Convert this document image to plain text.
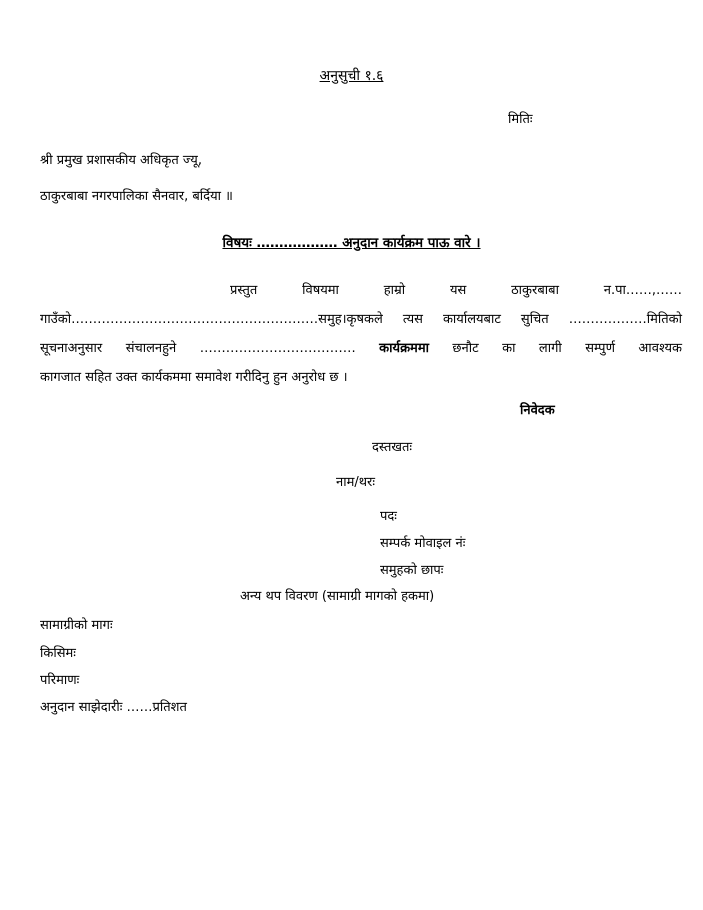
अनुसुची १.६
मितिः
श्री प्रमुख प्रशासकीय अधिकृत ज्यू,
ठाकुरबाबा नगरपालिका सैनवार, बर्दिया ॥
विषयः ……………… अनुदान कार्यक्रम पाऊ वारे ।
प्रस्तुत विषयमा हाम्रो यस ठाकुरबाबा न.पा……,……
गाउँको…………………………………………………समुह।कृषकले त्यस कार्यालयबाट सुचित ………………मितिको
सूचनाअनुसार संचालनहुने ……………………………… कार्यक्रममा छनौट का लागी सम्पुर्ण आवश्यक
कागजात सहित उक्त कार्यकममा समावेश गरीदिनु हुन अनुरोध छ ।
निवेदक
दस्तखतः
नाम/थरः
पदः
सम्पर्क मोवाइल नंः
समुहको छापः
अन्य थप विवरण (सामाग्री मागको हकमा)
सामाग्रीको मागः
किसिमः
परिमाणः
अनुदान साझेदारीः ……प्रतिशत
